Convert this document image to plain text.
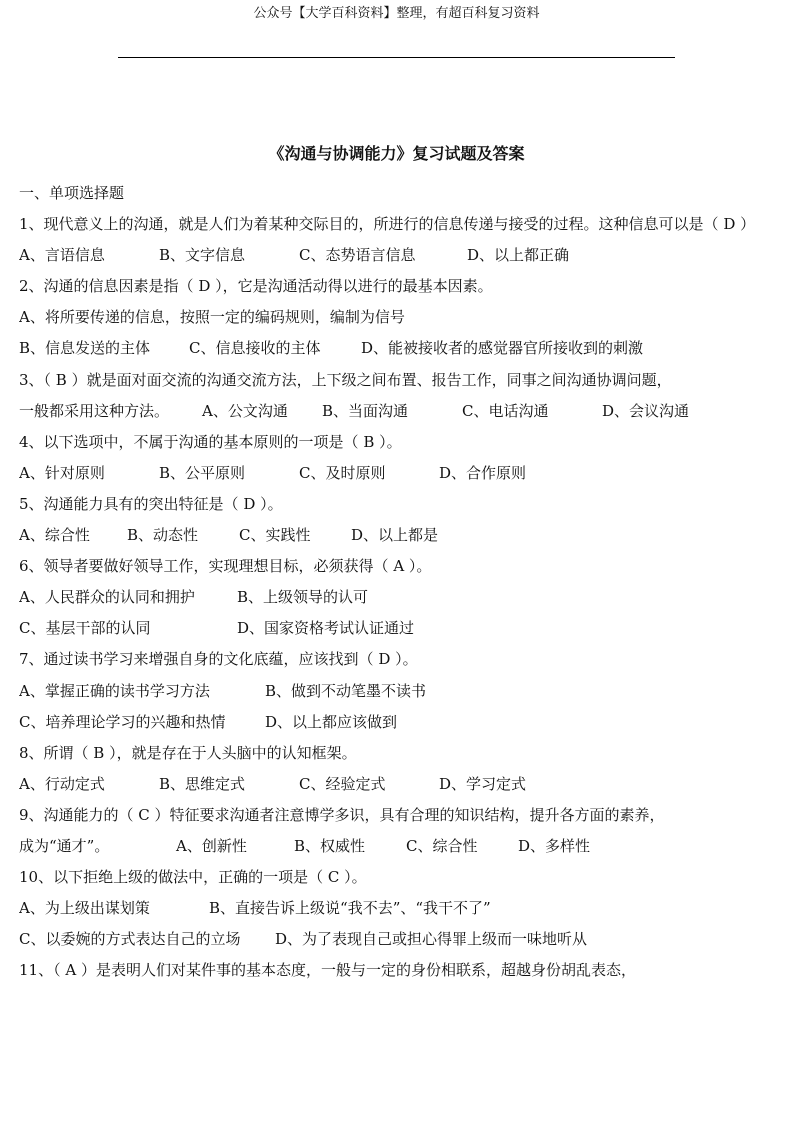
公众号【大学百科资料】整理，有超百科复习资料
《沟通与协调能力》复习试题及答案
一、单项选择题
1、现代意义上的沟通，就是人们为着某种交际目的，所进行的信息传递与接受的过程。这种信息可以是（ D ）
A、言语信息	B、文字信息	C、态势语言信息	D、以上都正确
2、沟通的信息因素是指（ D ），它是沟通活动得以进行的最基本因素。
A、将所要传递的信息，按照一定的编码规则，编制为信号
B、信息发送的主体	C、信息接收的主体	D、能被接收者的感觉器官所接收到的刺激
3、（ B ）就是面对面交流的沟通交流方法，上下级之间布置、报告工作，同事之间沟通协调问题，
一般都采用这种方法。 A、公文沟通 B、当面沟通	C、电话沟通	D、会议沟通
4、以下选项中，不属于沟通的基本原则的一项是（ B ）。
A、针对原则	B、公平原则	C、及时原则	D、合作原则
5、沟通能力具有的突出特征是（ D ）。
A、综合性 B、动态性	C、实践性	D、以上都是
6、领导者要做好领导工作，实现理想目标，必须获得（ A ）。
A、人民群众的认同和拥护	B、上级领导的认可
C、基层干部的认同	D、国家资格考试认证通过
7、通过读书学习来增强自身的文化底蕴，应该找到（ D ）。
A、掌握正确的读书学习方法	B、做到不动笔墨不读书
C、培养理论学习的兴趣和热情	D、以上都应该做到
8、所谓（ B ），就是存在于人头脑中的认知框架。
A、行动定式	B、思维定式	C、经验定式	D、学习定式
9、沟通能力的（ C ）特征要求沟通者注意博学多识，具有合理的知识结构，提升各方面的素养，
成为“通才”。	A、创新性	B、权威性	C、综合性	D、多样性
10、以下拒绝上级的做法中，正确的一项是（ C ）。
A、为上级出谋划策	B、直接告诉上级说“我不去”、“我干不了”
C、以委婉的方式表达自己的立场 D、为了表现自己或担心得罪上级而一味地听从
11、（ A ）是表明人们对某件事的基本态度，一般与一定的身份相联系，超越身份胡乱表态，
